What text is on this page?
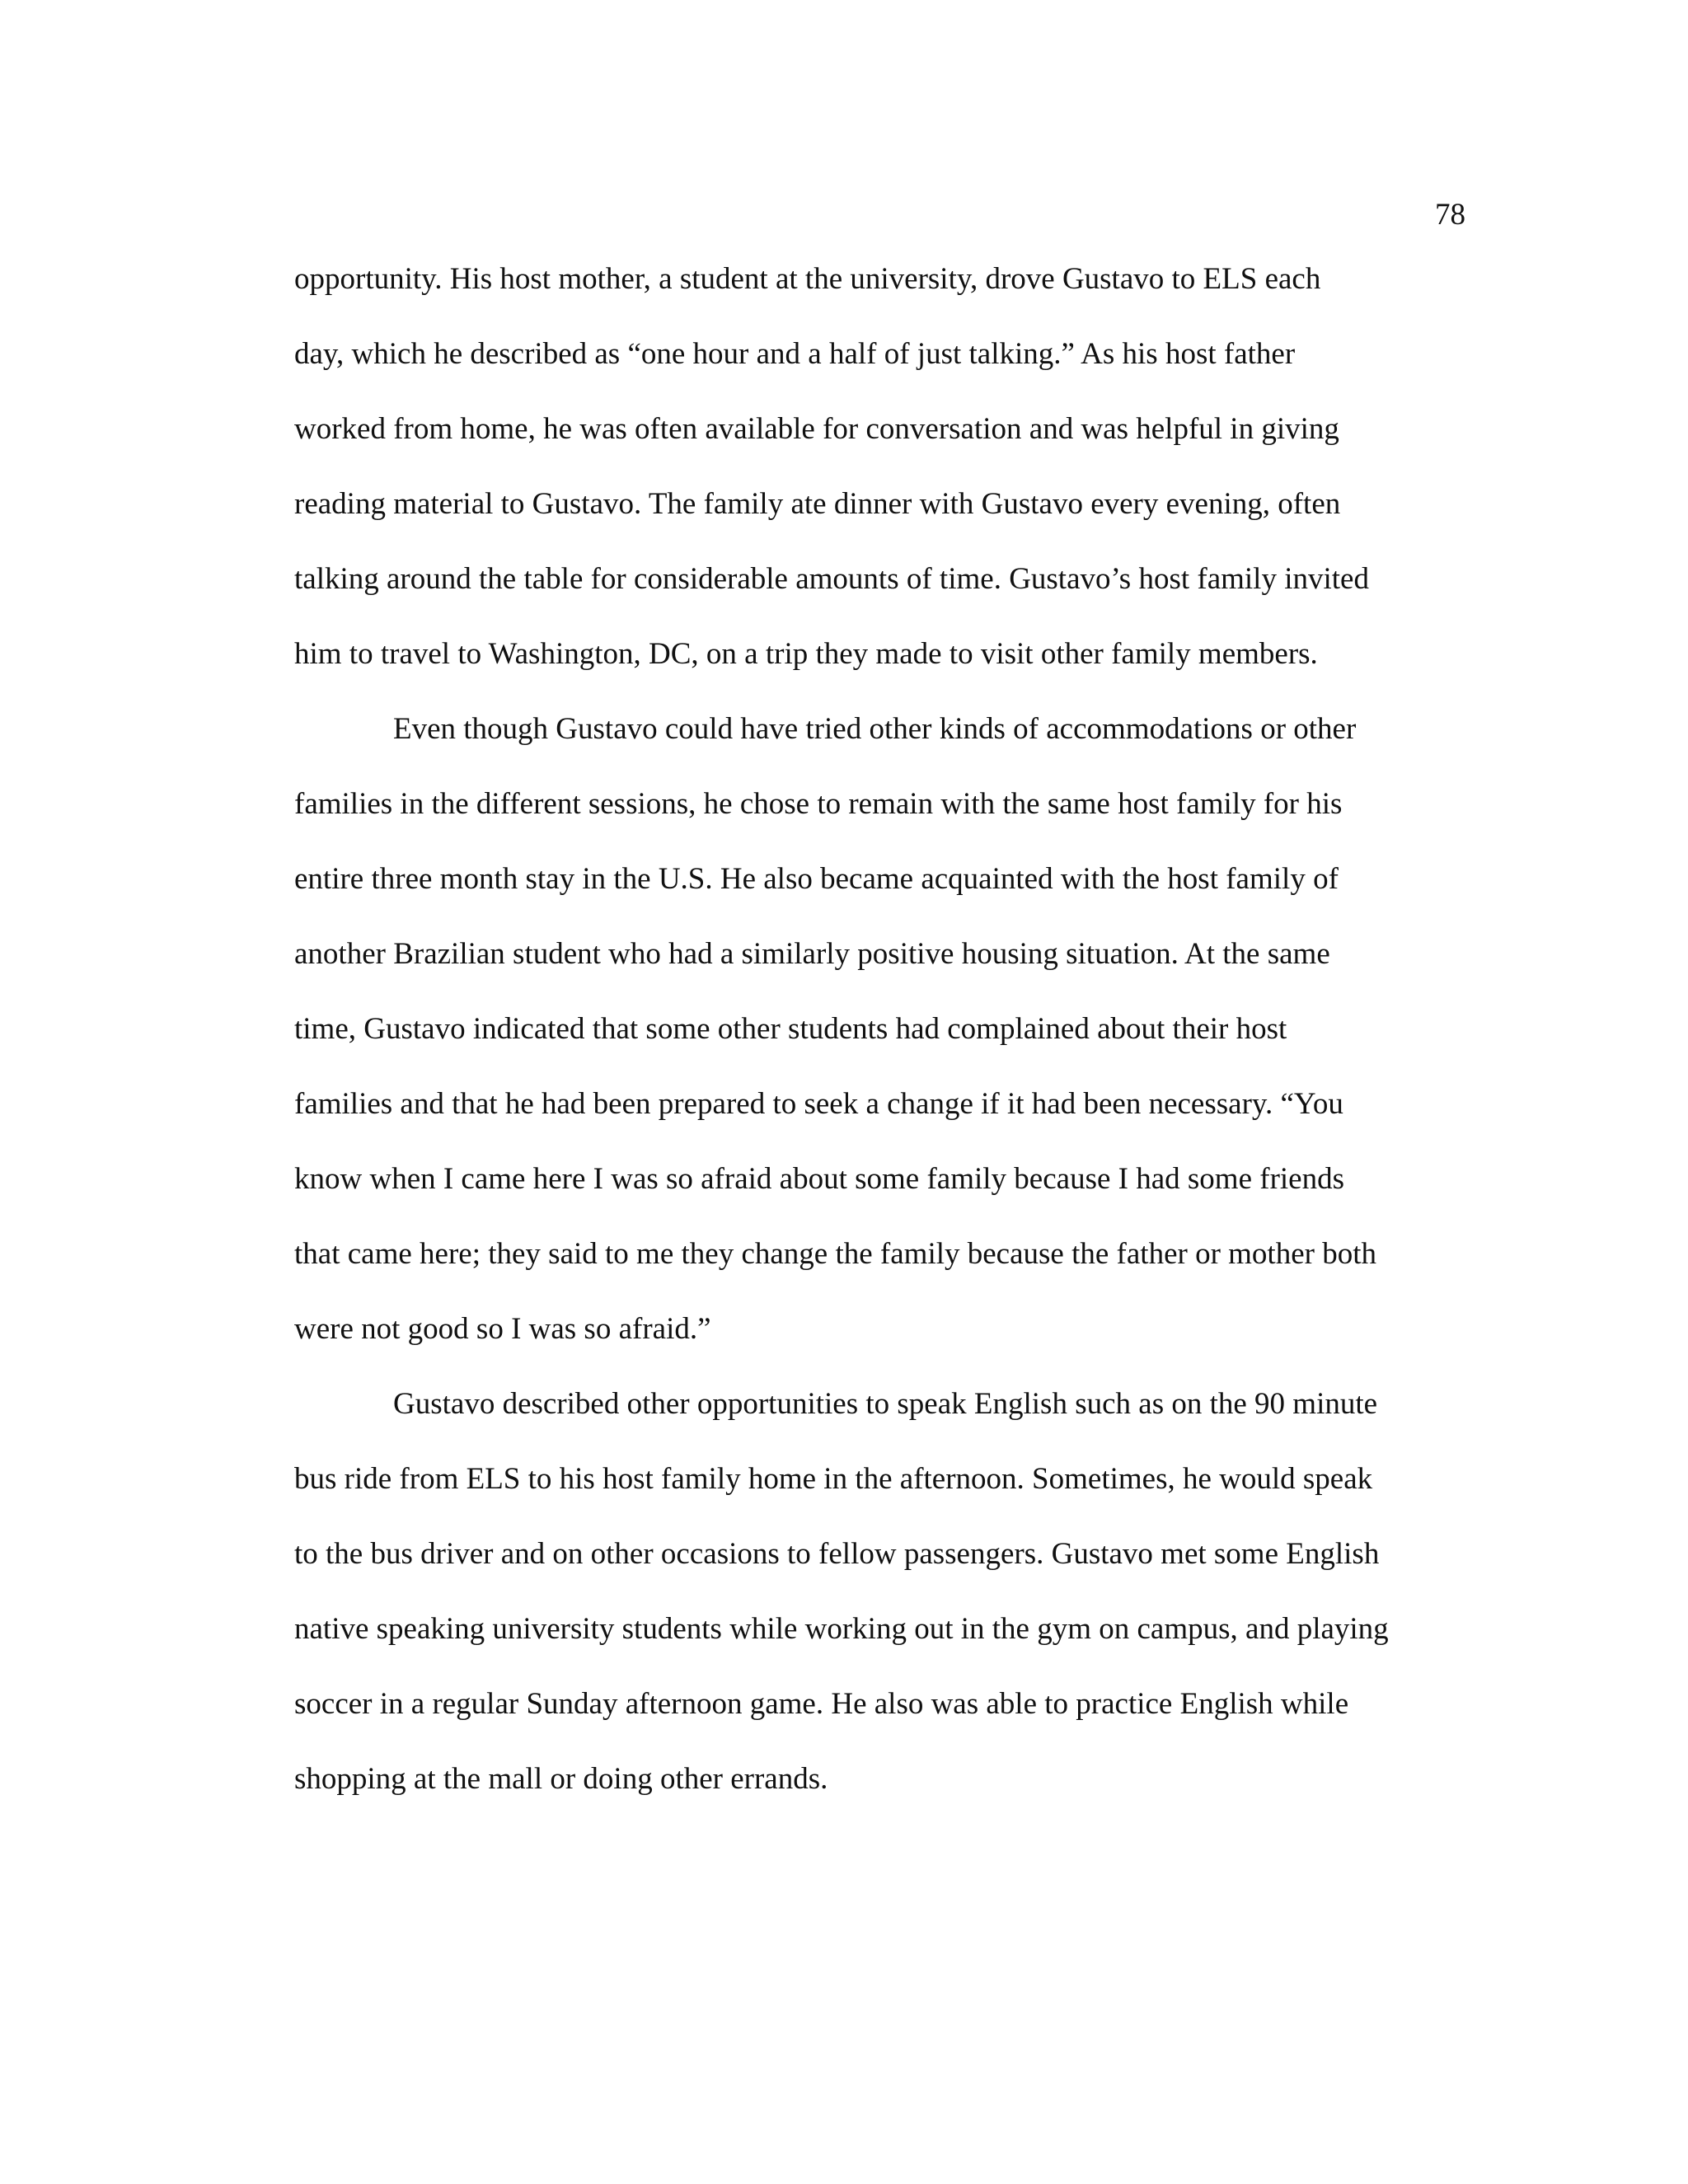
78
opportunity. His host mother, a student at the university, drove Gustavo to ELS each
day, which he described as “one hour and a half of just talking.” As his host father
worked from home, he was often available for conversation and was helpful in giving
reading material to Gustavo. The family ate dinner with Gustavo every evening, often
talking around the table for considerable amounts of time. Gustavo’s host family invited
him to travel to Washington, DC, on a trip they made to visit other family members.
Even though Gustavo could have tried other kinds of accommodations or other
families in the different sessions, he chose to remain with the same host family for his
entire three month stay in the U.S. He also became acquainted with the host family of
another Brazilian student who had a similarly positive housing situation. At the same
time, Gustavo indicated that some other students had complained about their host
families and that he had been prepared to seek a change if it had been necessary. “You
know when I came here I was so afraid about some family because I had some friends
that came here; they said to me they change the family because the father or mother both
were not good so I was so afraid.”
Gustavo described other opportunities to speak English such as on the 90 minute
bus ride from ELS to his host family home in the afternoon. Sometimes, he would speak
to the bus driver and on other occasions to fellow passengers. Gustavo met some English
native speaking university students while working out in the gym on campus, and playing
soccer in a regular Sunday afternoon game. He also was able to practice English while
shopping at the mall or doing other errands.
